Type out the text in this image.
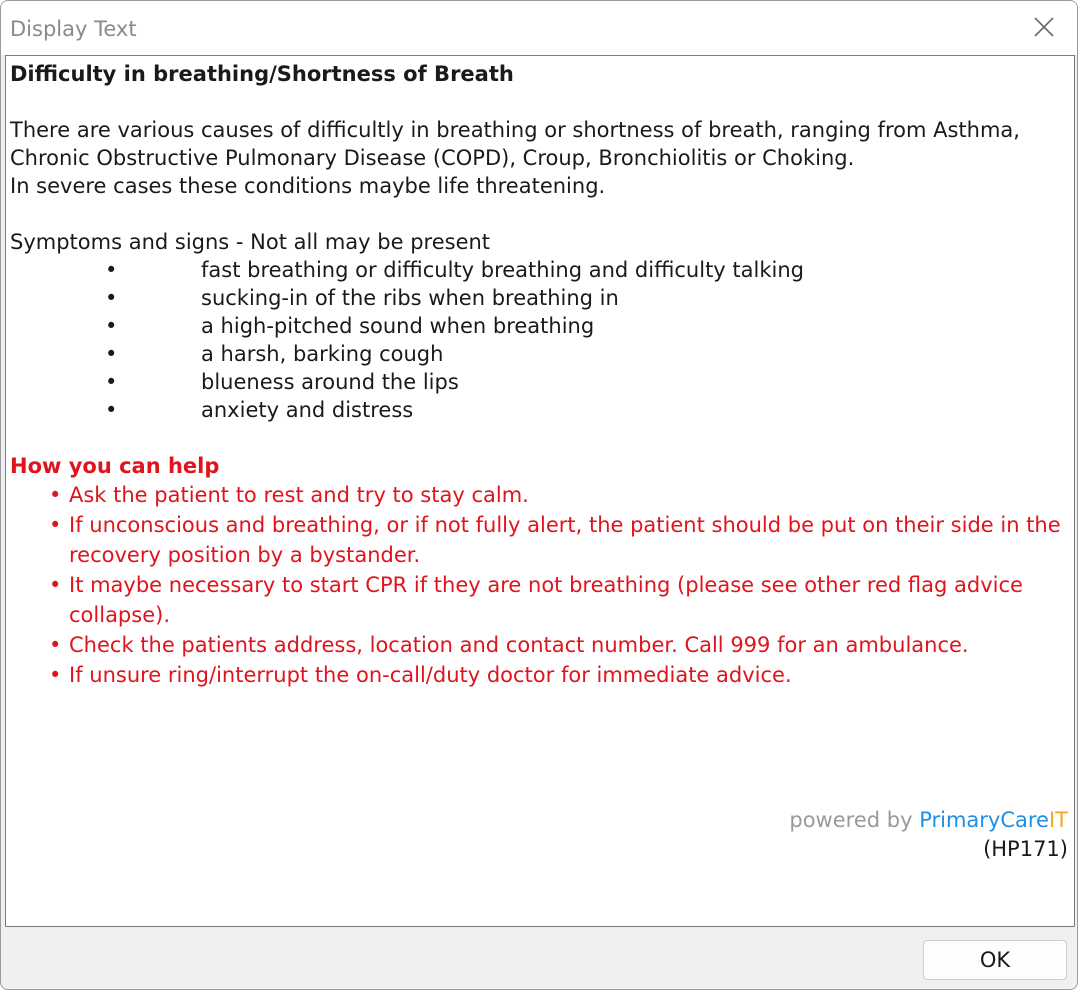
Display Text

Difficulty in breathing/Shortness of Breath

There are various causes of difficultly in breathing or shortness of breath, ranging from Asthma,

Chronic Obstructive Pulmonary Disease (COPD), Croup, Bronchiolitis or Choking.

In severe cases these conditions maybe life threatening.

Symptoms and signs - Not all may be present

•	fast breathing or difficulty breathing and difficulty talking
•	sucking-in of the ribs when breathing in
•	a high-pitched sound when breathing
•	a harsh, barking cough
•	blueness around the lips
•	anxiety and distress

How you can help

• Ask the patient to rest and try to stay calm.
• If unconscious and breathing, or if not fully alert, the patient should be put on their side in the recovery position by a bystander.
• It maybe necessary to start CPR if they are not breathing (please see other red flag advice collapse).
• Check the patients address, location and contact number. Call 999 for an ambulance.
• If unsure ring/interrupt the on-call/duty doctor for immediate advice.
powered by PrimaryCareIT
(HP171)
OK
